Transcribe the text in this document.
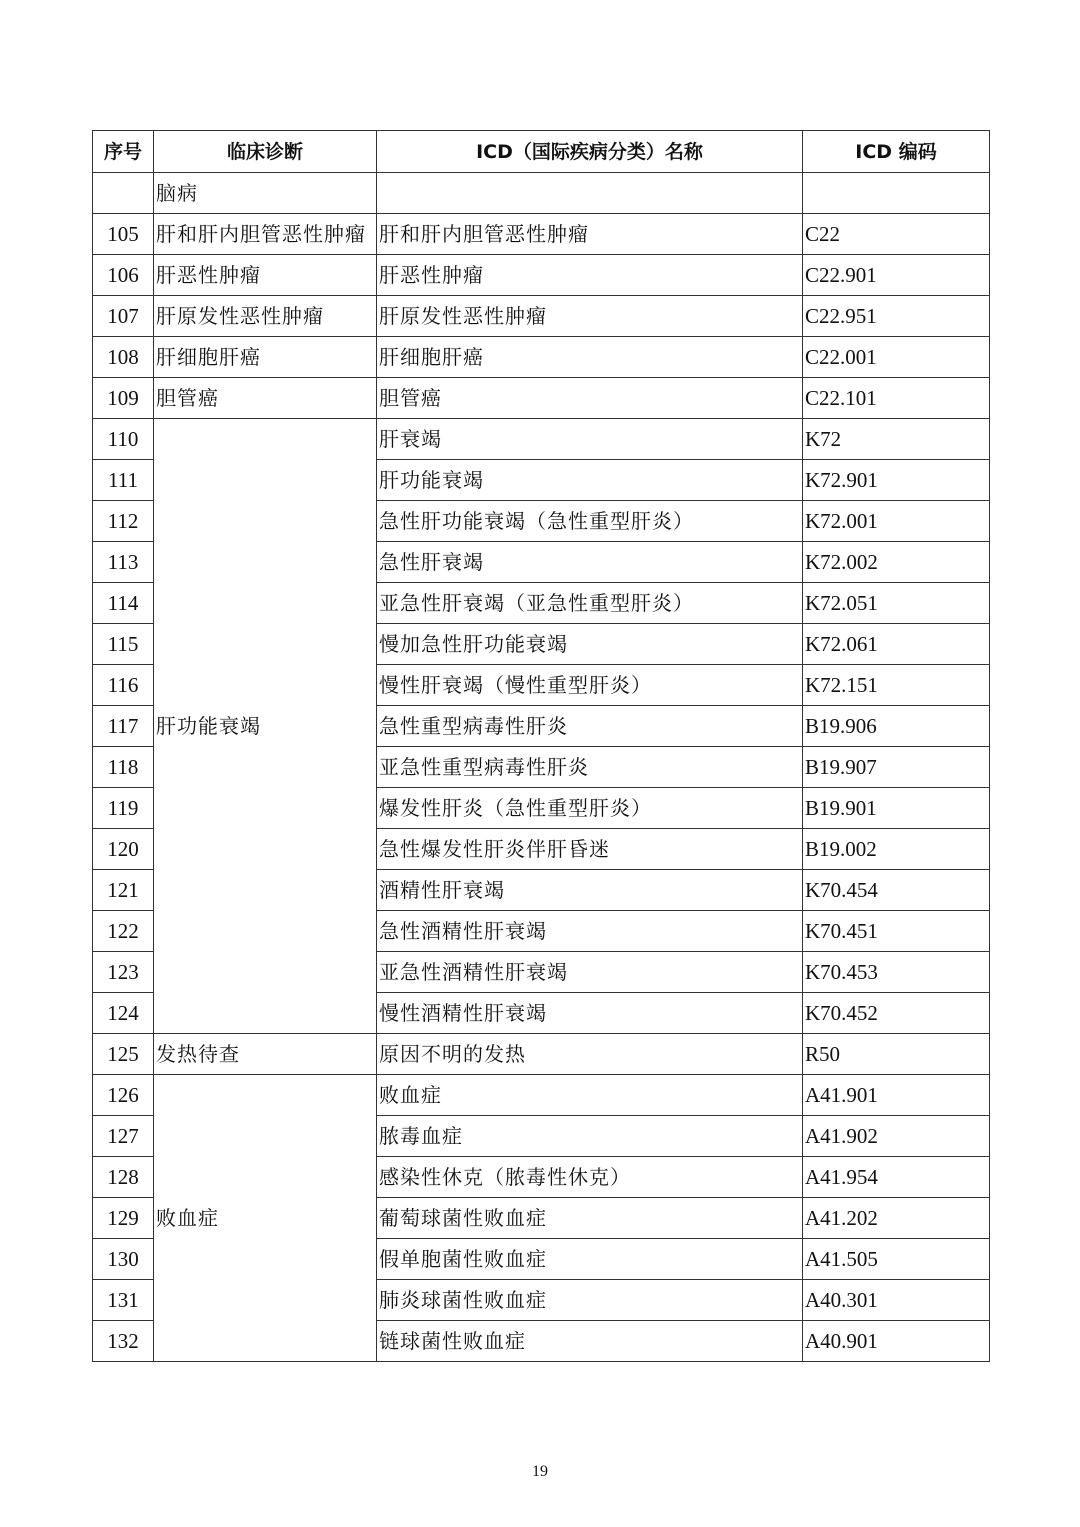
序号	临床诊断	ICD（国际疾病分类）名称	ICD 编码
	脑病		
105	肝和肝内胆管恶性肿瘤	肝和肝内胆管恶性肿瘤	C22
106	肝恶性肿瘤	肝恶性肿瘤	C22.901
107	肝原发性恶性肿瘤	肝原发性恶性肿瘤	C22.951
108	肝细胞肝癌	肝细胞肝癌	C22.001
109	胆管癌	胆管癌	C22.101
110	肝功能衰竭	肝衰竭	K72
111		肝功能衰竭	K72.901
112		急性肝功能衰竭（急性重型肝炎）	K72.001
113		急性肝衰竭	K72.002
114		亚急性肝衰竭（亚急性重型肝炎）	K72.051
115		慢加急性肝功能衰竭	K72.061
116		慢性肝衰竭（慢性重型肝炎）	K72.151
117		急性重型病毒性肝炎	B19.906
118		亚急性重型病毒性肝炎	B19.907
119		爆发性肝炎（急性重型肝炎）	B19.901
120		急性爆发性肝炎伴肝昏迷	B19.002
121		酒精性肝衰竭	K70.454
122		急性酒精性肝衰竭	K70.451
123		亚急性酒精性肝衰竭	K70.453
124		慢性酒精性肝衰竭	K70.452
125	发热待查	原因不明的发热	R50
126	败血症	败血症	A41.901
127		脓毒血症	A41.902
128		感染性休克（脓毒性休克）	A41.954
129		葡萄球菌性败血症	A41.202
130		假单胞菌性败血症	A41.505
131		肺炎球菌性败血症	A40.301
132		链球菌性败血症	A40.901
19
